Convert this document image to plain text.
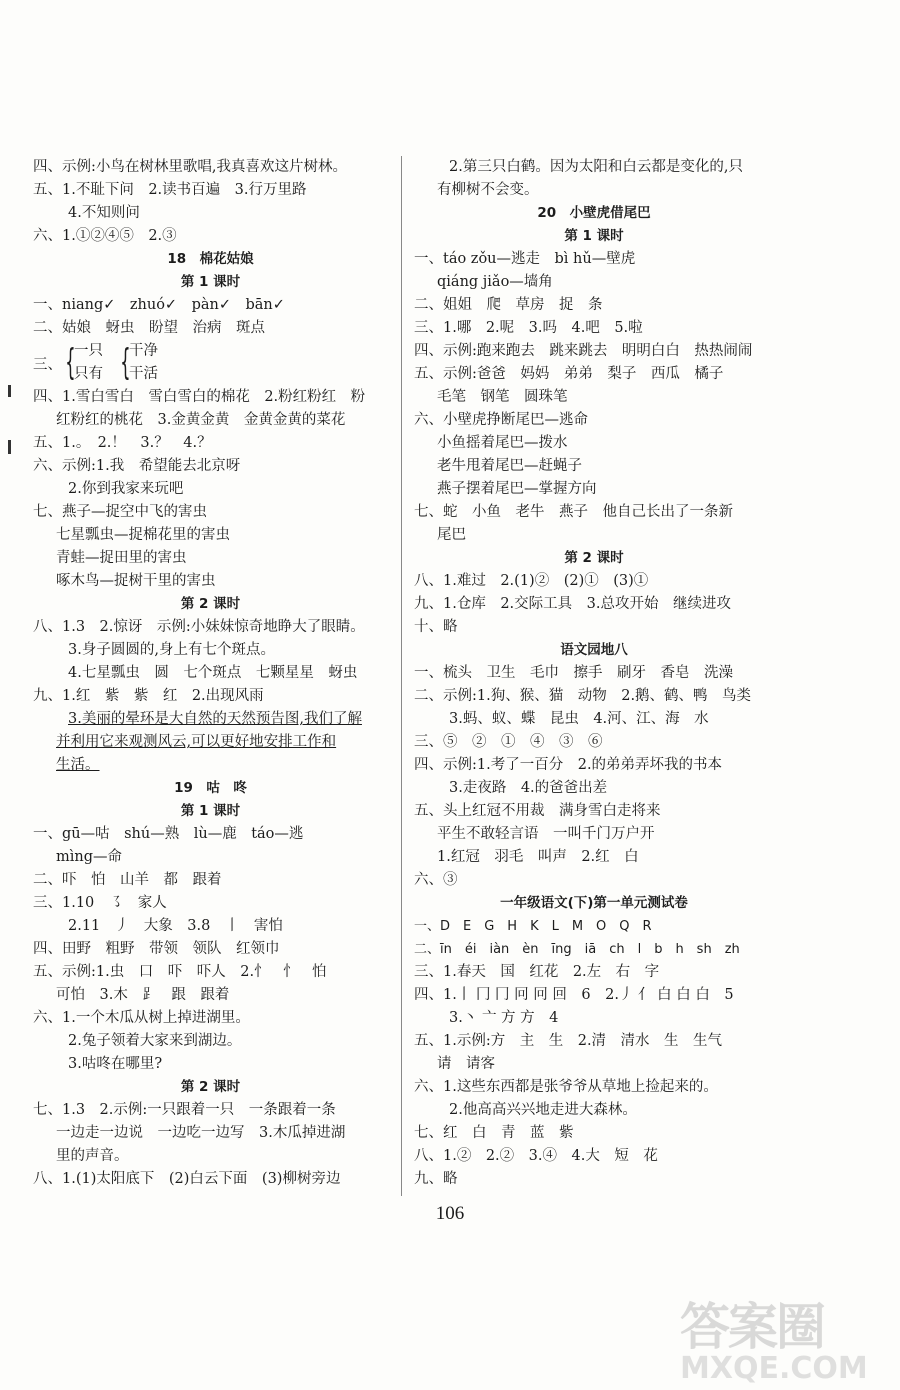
四、示例:小鸟在树林里歌唱,我真喜欢这片树林。
五、1.不耻下问　2.读书百遍　3.行万里路
4.不知则问
六、1.①②④⑤　2.③
18　棉花姑娘
第 1 课时
一、niang✓　zhuó✓　pàn✓　bān✓
二、姑娘　蚜虫　盼望　治病　斑点
三、 {
一只
只有 {
干净
干活
四、1.雪白雪白　雪白雪白的棉花　2.粉红粉红　粉
红粉红的桃花　3.金黄金黄　金黄金黄的菜花
五、1.。　2.！　3.？　4.？
六、示例:1.我　希望能去北京呀
2.你到我家来玩吧
七、燕子—捉空中飞的害虫
七星瓢虫—捉棉花里的害虫
青蛙—捉田里的害虫
啄木鸟—捉树干里的害虫
第 2 课时
八、1.3　2.惊讶　示例:小妹妹惊奇地睁大了眼睛。
3.身子圆圆的,身上有七个斑点。
4.七星瓢虫　圆　七个斑点　七颗星星　蚜虫
九、1.红　紫　紫　红　2.出现风雨
3.美丽的晕环是大自然的天然预告图,我们了解
并利用它来观测风云,可以更好地安排工作和
生活。
19　咕　咚
第 1 课时
一、gū—咕　shú—熟　lù—鹿　táo—逃
mìng—命
二、吓　怕　山羊　都　跟着
三、1.10　㇌　家人
2.11　丿　大象　3.8　丨　害怕
四、田野　粗野　带领　领队　红领巾
五、示例:1.虫　口　吓　吓人　2.忄　忄　怕
可怕　3.木　⻊　跟　跟着
六、1.一个木瓜从树上掉进湖里。
2.兔子领着大家来到湖边。
3.咕咚在哪里?
第 2 课时
七、1.3　2.示例:一只跟着一只　一条跟着一条
一边走一边说　一边吃一边写　3.木瓜掉进湖
里的声音。
八、1.(1)太阳底下　(2)白云下面　(3)柳树旁边
2.第三只白鹤。因为太阳和白云都是变化的,只
有柳树不会变。
20　小壁虎借尾巴
第 1 课时
一、táo zǒu—逃走　bì hǔ—壁虎
qiáng jiǎo—墙角
二、姐姐　爬　草房　捉　条
三、1.哪　2.呢　3.吗　4.吧　5.啦
四、示例:跑来跑去　跳来跳去　明明白白　热热闹闹
五、示例:爸爸　妈妈　弟弟　梨子　西瓜　橘子
毛笔　钢笔　圆珠笔
六、小壁虎挣断尾巴—逃命
小鱼摇着尾巴—拨水
老牛甩着尾巴—赶蝇子
燕子摆着尾巴—掌握方向
七、蛇　小鱼　老牛　燕子　他自己长出了一条新
尾巴
第 2 课时
八、1.难过　2.(1)②　(2)①　(3)①
九、1.仓库　2.交际工具　3.总攻开始　继续进攻
十、略
语文园地八
一、梳头　卫生　毛巾　擦手　刷牙　香皂　洗澡
二、示例:1.狗、猴、猫　动物　2.鹅、鹤、鸭　鸟类
3.蚂、蚁、蝶　昆虫　4.河、江、海　水
三、⑤　②　①　④　③　⑥
四、示例:1.考了一百分　2.的弟弟弄坏我的书本
3.走夜路　4.的爸爸出差
五、头上红冠不用裁　满身雪白走将来
平生不敢轻言语　一叫千门万户开
1.红冠　羽毛　叫声　2.红　白
六、③
一年级语文(下)第一单元测试卷
一、D　E　G　H　K　L　M　O　Q　R
二、īn　éi　iàn　èn　īng　iā　ch　l　b　h　sh　zh
三、1.春天　国　红花　2.左　右　字
四、1.丨 冂 冂 冋 冋 回　6　2.丿 亻 白 白 白　5
3.丶 亠 方 方　4
五、1.示例:方　主　生　2.清　清水　生　生气
请　请客
六、1.这些东西都是张爷爷从草地上捡起来的。
2.他高高兴兴地走进大森林。
七、红　白　青　蓝　紫
八、1.②　2.②　3.④　4.大　短　花
九、略
106
答案圈
MXQE.COM
